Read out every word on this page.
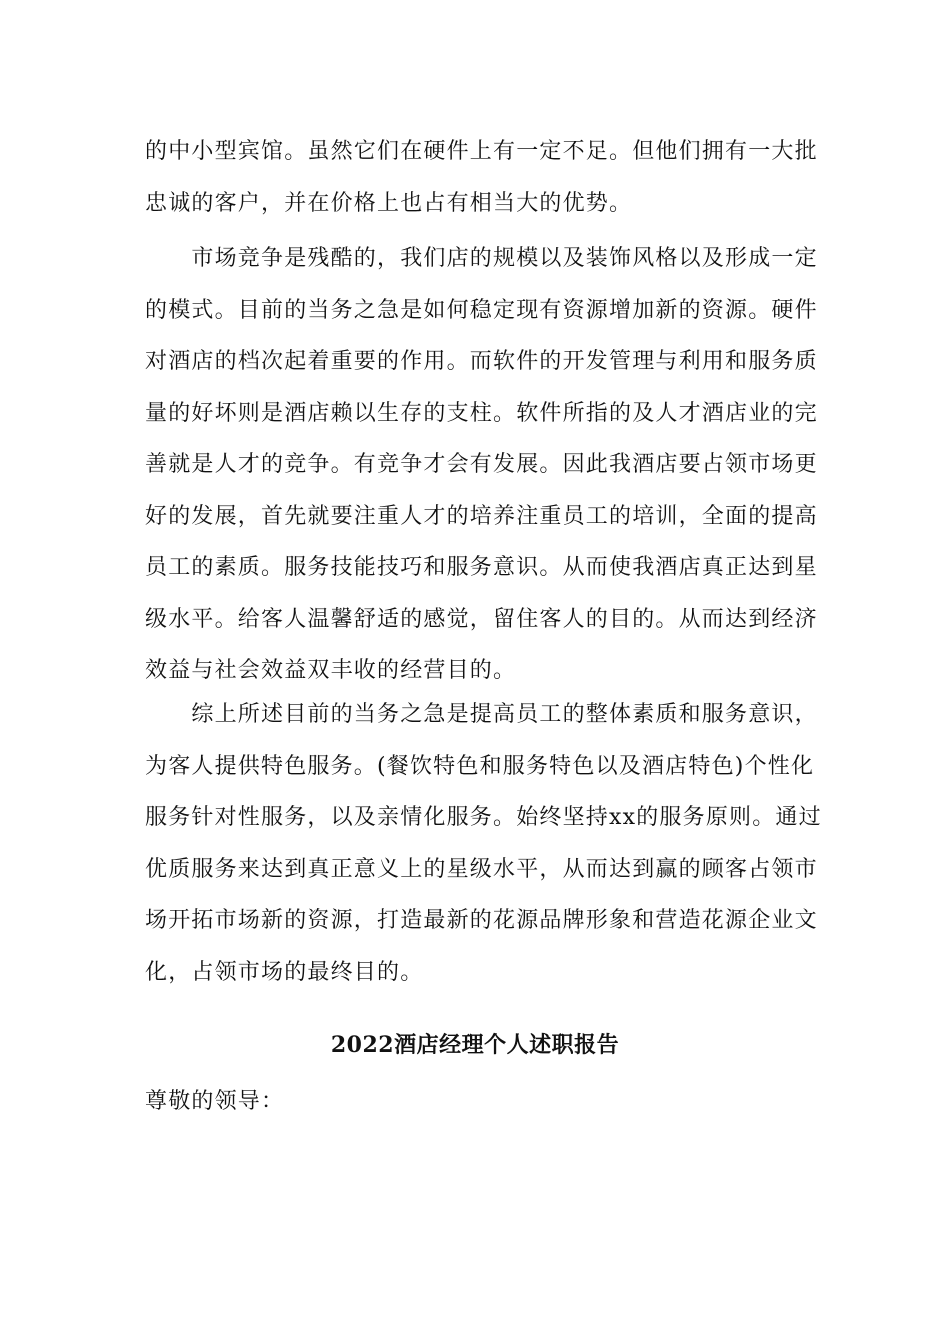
的中小型宾馆。虽然它们在硬件上有一定不足。但他们拥有一大批
忠诚的客户，并在价格上也占有相当大的优势。

　　市场竞争是残酷的，我们店的规模以及装饰风格以及形成一定
的模式。目前的当务之急是如何稳定现有资源增加新的资源。硬件
对酒店的档次起着重要的作用。而软件的开发管理与利用和服务质
量的好坏则是酒店赖以生存的支柱。软件所指的及人才酒店业的完
善就是人才的竞争。有竞争才会有发展。因此我酒店要占领市场更
好的发展，首先就要注重人才的培养注重员工的培训，全面的提高
员工的素质。服务技能技巧和服务意识。从而使我酒店真正达到星
级水平。给客人温馨舒适的感觉，留住客人的目的。从而达到经济
效益与社会效益双丰收的经营目的。

　　综上所述目前的当务之急是提高员工的整体素质和服务意识，
为客人提供特色服务。(餐饮特色和服务特色以及酒店特色)个性化
服务针对性服务，以及亲情化服务。始终坚持xx的服务原则。通过
优质服务来达到真正意义上的星级水平，从而达到赢的顾客占领市
场开拓市场新的资源，打造最新的花源品牌形象和营造花源企业文
化，占领市场的最终目的。

2022酒店经理个人述职报告

尊敬的领导：
